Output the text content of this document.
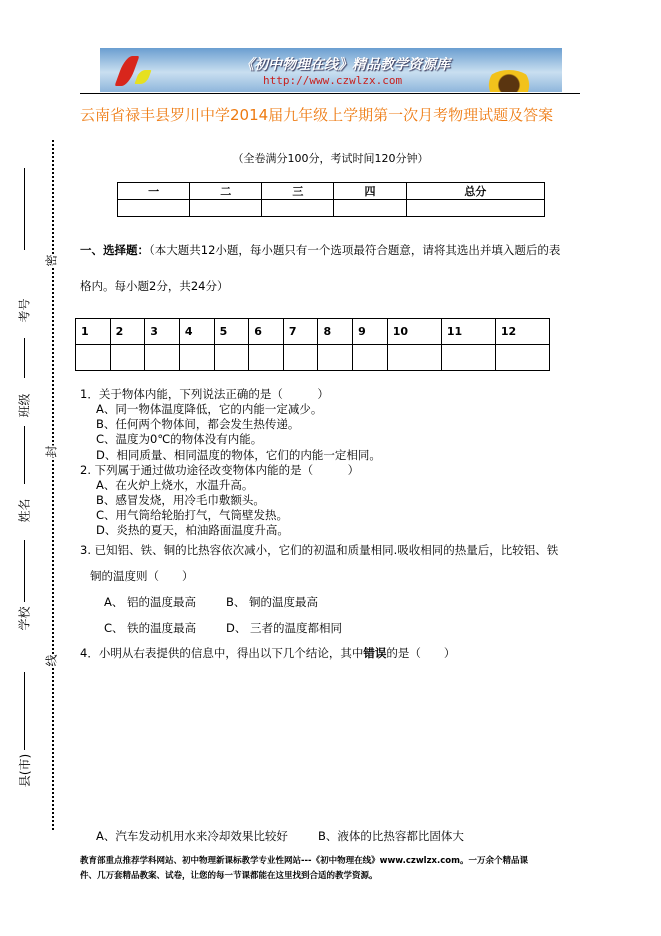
《初中物理在线》精品教学资源库
http://www.czwlzx.com
云南省禄丰县罗川中学2014届九年级上学期第一次月考物理试题及答案
（全卷满分100分，考试时间120分钟）
一	二	三	四	总分

一、选择题：（本大题共12小题，每小题只有一个选项最符合题意，请将其选出并填入题后的表
格内。每小题2分，共24分）
1	2	3	4	5	6	7	8	9	10	11	12

1．关于物体内能，下列说法正确的是（　　　）
A、同一物体温度降低，它的内能一定减少。
B、任何两个物体间，都会发生热传递。
C、温度为0℃的物体没有内能。
D、相同质量、相同温度的物体，它们的内能一定相同。
2. 下列属于通过做功途径改变物体内能的是（　　　）
A、在火炉上烧水，水温升高。
B、感冒发烧，用冷毛巾敷额头。
C、用气筒给轮胎打气，气筒壁发热。
D、炎热的夏天，柏油路面温度升高。
3. 已知铝、铁、铜的比热容依次减小，它们的初温和质量相同.吸收相同的热量后，比较铝、铁
铜的温度则（　　）
A、 铝的温度最高	B、 铜的温度最高
C、 铁的温度最高	D、 三者的温度都相同
4．小明从右表提供的信息中，得出以下几个结论，其中错误的是（　　）
A、汽车发动机用水来冷却效果比较好	B、液体的比热容都比固体大
密
封
线
考号
班级
姓名
学校
县(市)
教育部重点推荐学科网站、初中物理新课标教学专业性网站---《初中物理在线》www.czwlzx.com。一万余个精品课
件、几万套精品教案、试卷，让您的每一节课都能在这里找到合适的教学资源。
